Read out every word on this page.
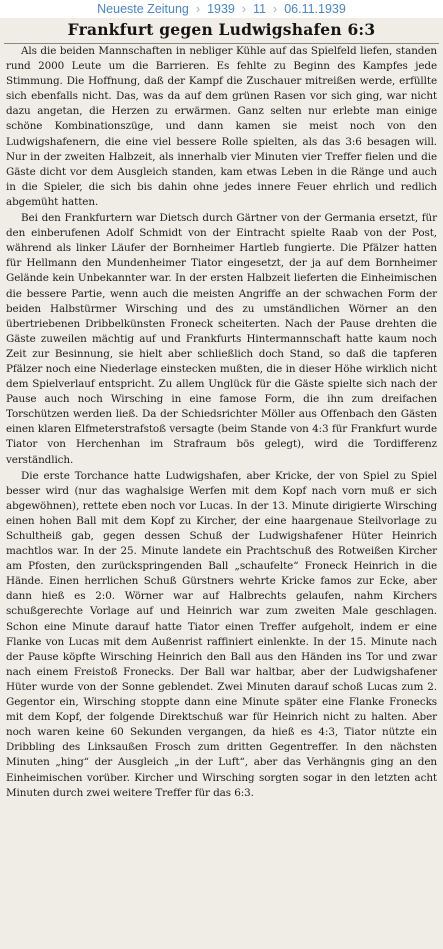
Neueste Zeitung › 1939 › 11 › 06.11.1939
Frankfurt gegen Ludwigshafen 6:3

Als die beiden Mannschaften in nebliger Kühle auf das Spielfeld liefen, standen rund 2000 Leute um die Barrieren. Es fehlte zu Beginn des Kampfes jede Stimmung. Die Hoffnung, daß der Kampf die Zuschauer mitreißen werde, erfüllte sich ebenfalls nicht. Das, was da auf dem grünen Rasen vor sich ging, war nicht dazu angetan, die Herzen zu erwärmen. Ganz selten nur erlebte man einige schöne Kombinationszüge, und dann kamen sie meist noch von den Ludwigshafenern, die eine viel bessere Rolle spielten, als das 3:6 besagen will. Nur in der zweiten Halbzeit, als innerhalb vier Minuten vier Treffer fielen und die Gäste dicht vor dem Ausgleich standen, kam etwas Leben in die Ränge und auch in die Spieler, die sich bis dahin ohne jedes innere Feuer ehrlich und redlich abgemüht hatten.

Bei den Frankfurtern war Dietsch durch Gärtner von der Germania ersetzt, für den einberufenen Adolf Schmidt von der Eintracht spielte Raab von der Post, während als linker Läufer der Bornheimer Hartleb fungierte. Die Pfälzer hatten für Hellmann den Mundenheimer Tiator eingesetzt, der ja auf dem Bornheimer Gelände kein Unbekannter war. In der ersten Halbzeit lieferten die Einheimischen die bessere Partie, wenn auch die meisten Angriffe an der schwachen Form der beiden Halbstürmer Wirsching und des zu umständlichen Wörner an den übertriebenen Dribbelkünsten Froneck scheiterten. Nach der Pause drehten die Gäste zuweilen mächtig auf und Frankfurts Hintermannschaft hatte kaum noch Zeit zur Besinnung, sie hielt aber schließlich doch Stand, so daß die tapferen Pfälzer noch eine Niederlage einstecken mußten, die in dieser Höhe wirklich nicht dem Spielverlauf entspricht. Zu allem Unglück für die Gäste spielte sich nach der Pause auch noch Wirsching in eine famose Form, die ihn zum dreifachen Torschützen werden ließ. Da der Schiedsrichter Möller aus Offenbach den Gästen einen klaren Elfmeterstrafstoß versagte (beim Stande von 4:3 für Frankfurt wurde Tiator von Herchenhan im Strafraum bös gelegt), wird die Tordifferenz verständlich.

Die erste Torchance hatte Ludwigshafen, aber Kricke, der von Spiel zu Spiel besser wird (nur das waghalsige Werfen mit dem Kopf nach vorn muß er sich abgewöhnen), rettete eben noch vor Lucas. In der 13. Minute dirigierte Wirsching einen hohen Ball mit dem Kopf zu Kircher, der eine haargenaue Steilvorlage zu Schultheiß gab, gegen dessen Schuß der Ludwigshafener Hüter Heinrich machtlos war. In der 25. Minute landete ein Prachtschuß des Rotweißen Kircher am Pfosten, den zurückspringenden Ball „schaufelte“ Froneck Heinrich in die Hände. Einen herrlichen Schuß Gürstners wehrte Kricke famos zur Ecke, aber dann hieß es 2:0. Wörner war auf Halbrechts gelaufen, nahm Kirchers schußgerechte Vorlage auf und Heinrich war zum zweiten Male geschlagen. Schon eine Minute darauf hatte Tiator einen Treffer aufgeholt, indem er eine Flanke von Lucas mit dem Außenrist raffiniert einlenkte. In der 15. Minute nach der Pause köpfte Wirsching Heinrich den Ball aus den Händen ins Tor und zwar nach einem Freistoß Fronecks. Der Ball war haltbar, aber der Ludwigshafener Hüter wurde von der Sonne geblendet. Zwei Minuten darauf schoß Lucas zum 2. Gegentor ein, Wirsching stoppte dann eine Minute später eine Flanke Fronecks mit dem Kopf, der folgende Direktschuß war für Heinrich nicht zu halten. Aber noch waren keine 60 Sekunden vergangen, da hieß es 4:3, Tiator nützte ein Dribbling des Linksaußen Frosch zum dritten Gegentreffer. In den nächsten Minuten „hing“ der Ausgleich „in der Luft“, aber das Verhängnis ging an den Einheimischen vorüber. Kircher und Wirsching sorgten sogar in den letzten acht Minuten durch zwei weitere Treffer für das 6:3.
